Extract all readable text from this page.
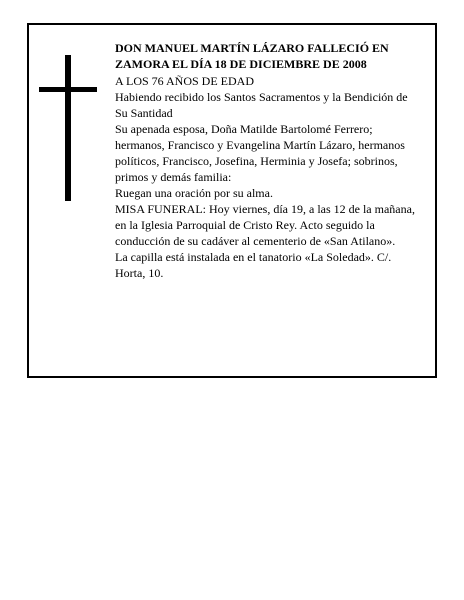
DON MANUEL MARTÍN LÁZARO FALLECIÓ EN ZAMORA EL DÍA 18 DE DICIEMBRE DE 2008

A LOS 76 AÑOS DE EDAD

Habiendo recibido los Santos Sacramentos y la Bendición de Su Santidad

Su apenada esposa, Doña Matilde Bartolomé Ferrero; hermanos, Francisco y Evangelina Martín Lázaro, hermanos políticos, Francisco, Josefina, Herminia y Josefa; sobrinos, primos y demás familia:

Ruegan una oración por su alma.

MISA FUNERAL: Hoy viernes, día 19, a las 12 de la mañana, en la Iglesia Parroquial de Cristo Rey. Acto seguido la conducción de su cadáver al cementerio de «San Atilano».

La capilla está instalada en el tanatorio «La Soledad». C/. Horta, 10.
